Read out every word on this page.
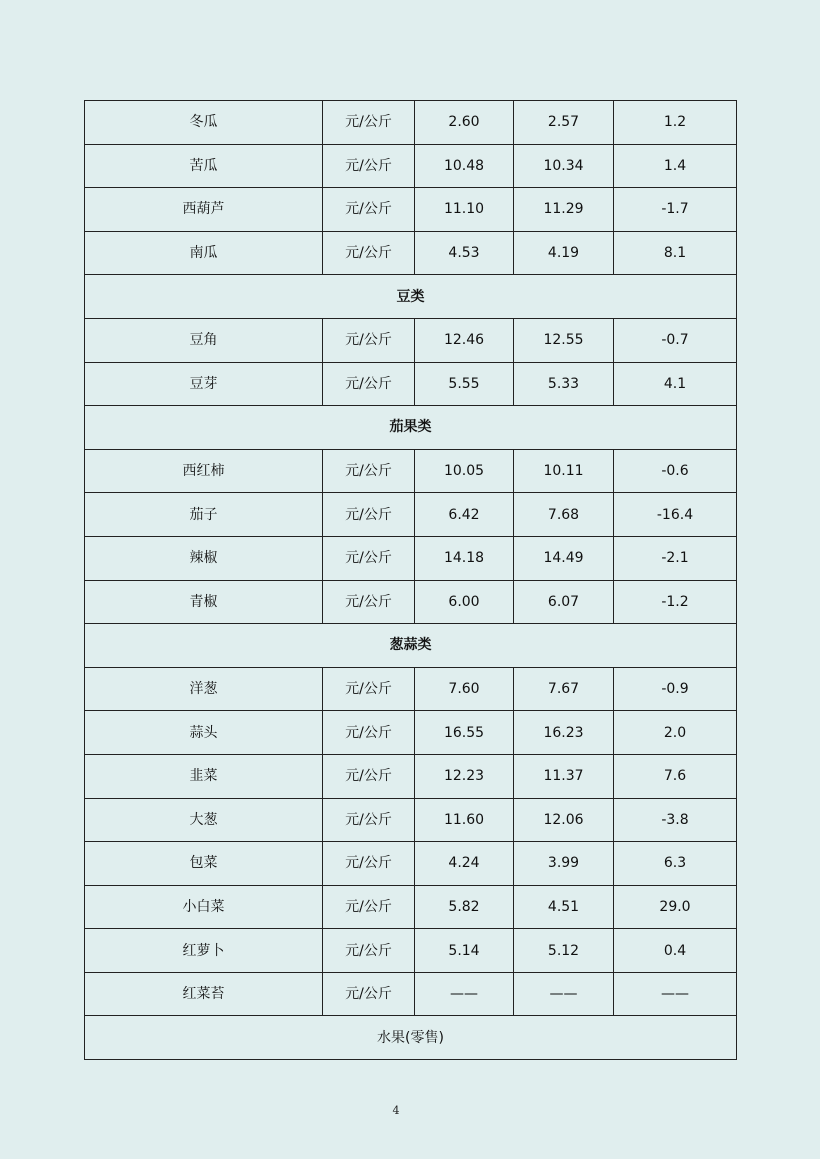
冬瓜	元/公斤	2.60	2.57	1.2
苦瓜	元/公斤	10.48	10.34	1.4
西葫芦	元/公斤	11.10	11.29	-1.7
南瓜	元/公斤	4.53	4.19	8.1
豆类				
豆角	元/公斤	12.46	12.55	-0.7
豆芽	元/公斤	5.55	5.33	4.1
茄果类				
西红柿	元/公斤	10.05	10.11	-0.6
茄子	元/公斤	6.42	7.68	-16.4
辣椒	元/公斤	14.18	14.49	-2.1
青椒	元/公斤	6.00	6.07	-1.2
葱蒜类				
洋葱	元/公斤	7.60	7.67	-0.9
蒜头	元/公斤	16.55	16.23	2.0
韭菜	元/公斤	12.23	11.37	7.6
大葱	元/公斤	11.60	12.06	-3.8
包菜	元/公斤	4.24	3.99	6.3
小白菜	元/公斤	5.82	4.51	29.0
红萝卜	元/公斤	5.14	5.12	0.4
红菜苔	元/公斤	——	——	——
水果(零售)				
4
